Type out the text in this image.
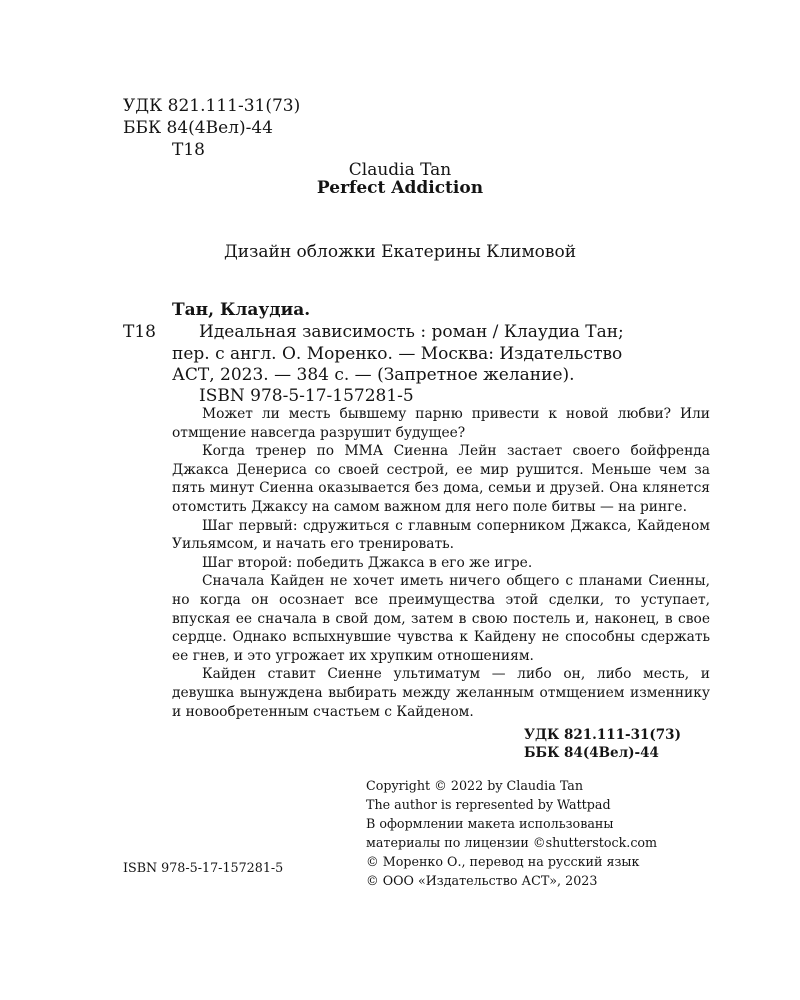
УДК 821.111-31(73)
ББК 84(4Вел)-44
Т18
Claudia Tan
Perfect Addiction
Дизайн обложки Екатерины Климовой
Тан, Клаудиа.
Т18	Идеальная зависимость : роман / Клаудиа Тан;
пер. с англ. О. Моренко. — Москва: Издательство
АСТ, 2023. — 384 с. — (Запретное желание).
ISBN 978-5-17-157281-5

Может ли месть бывшему парню привести к новой любви? Или отмщение навсегда разрушит будущее?

Когда тренер по ММА Сиенна Лейн застает своего бойфренда Джакса Денериса со своей сестрой, ее мир рушится. Меньше чем за пять минут Сиенна оказывается без дома, семьи и друзей. Она клянется отомстить Джаксу на самом важном для него поле битвы — на ринге.

Шаг первый: сдружиться с главным соперником Джакса, Кайденом Уильямсом, и начать его тренировать.

Шаг второй: победить Джакса в его же игре.

Сначала Кайден не хочет иметь ничего общего с планами Сиенны, но когда он осознает все преимущества этой сделки, то уступает, впуская ее сначала в свой дом, затем в свою постель и, наконец, в свое сердце. Однако вспыхнувшие чувства к Кайдену не способны сдержать ее гнев, и это угрожает их хрупким отношениям.

Кайден ставит Сиенне ультиматум — либо он, либо месть, и девушка вынуждена выбирать между желанным отмщением изменнику и новообретенным счастьем с Кайденом.

УДК 821.111-31(73)
ББК 84(4Вел)-44
ISBN 978-5-17-157281-5
Copyright © 2022 by Claudia Tan
The author is represented by Wattpad
В оформлении макета использованы
материалы по лицензии ©shutterstock.com
© Моренко О., перевод на русский язык
© ООО «Издательство АСТ», 2023
